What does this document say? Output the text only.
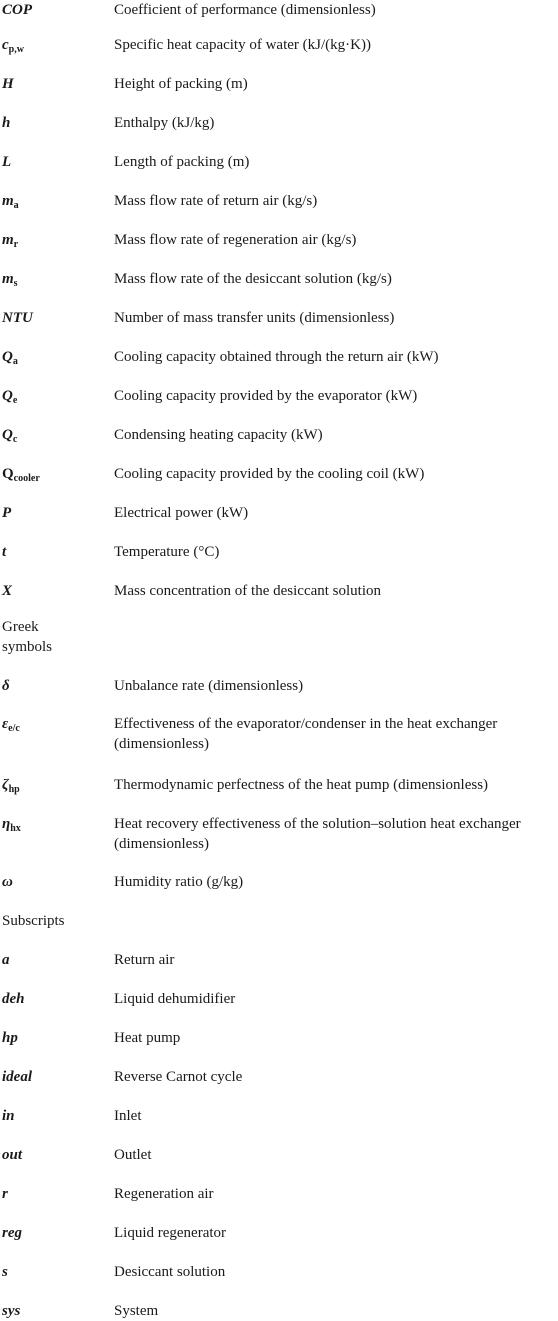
COP	Coefficient of performance (dimensionless)
$c_{p,w}$	Specific heat capacity of water (kJ/(kg·K))
H	Height of packing (m)
h	Enthalpy (kJ/kg)
L	Length of packing (m)
$m_a$	Mass flow rate of return air (kg/s)
$m_r$	Mass flow rate of regeneration air (kg/s)
$m_s$	Mass flow rate of the desiccant solution (kg/s)
NTU	Number of mass transfer units (dimensionless)
$Q_a$	Cooling capacity obtained through the return air (kW)
$Q_e$	Cooling capacity provided by the evaporator (kW)
$Q_c$	Condensing heating capacity (kW)
$Q_{cooler}$	Cooling capacity provided by the cooling coil (kW)
P	Electrical power (kW)
t	Temperature (°C)
X	Mass concentration of the desiccant solution
Greek symbols
δ	Unbalance rate (dimensionless)
$\varepsilon_{e/c}$	Effectiveness of the evaporator/condenser in the heat exchanger (dimensionless)
$\zeta_{hp}$	Thermodynamic perfectness of the heat pump (dimensionless)
$\eta_{hx}$	Heat recovery effectiveness of the solution–solution heat exchanger (dimensionless)
ω	Humidity ratio (g/kg)
Subscripts
a	Return air
deh	Liquid dehumidifier
hp	Heat pump
ideal	Reverse Carnot cycle
in	Inlet
out	Outlet
r	Regeneration air
reg	Liquid regenerator
s	Desiccant solution
sys	System
